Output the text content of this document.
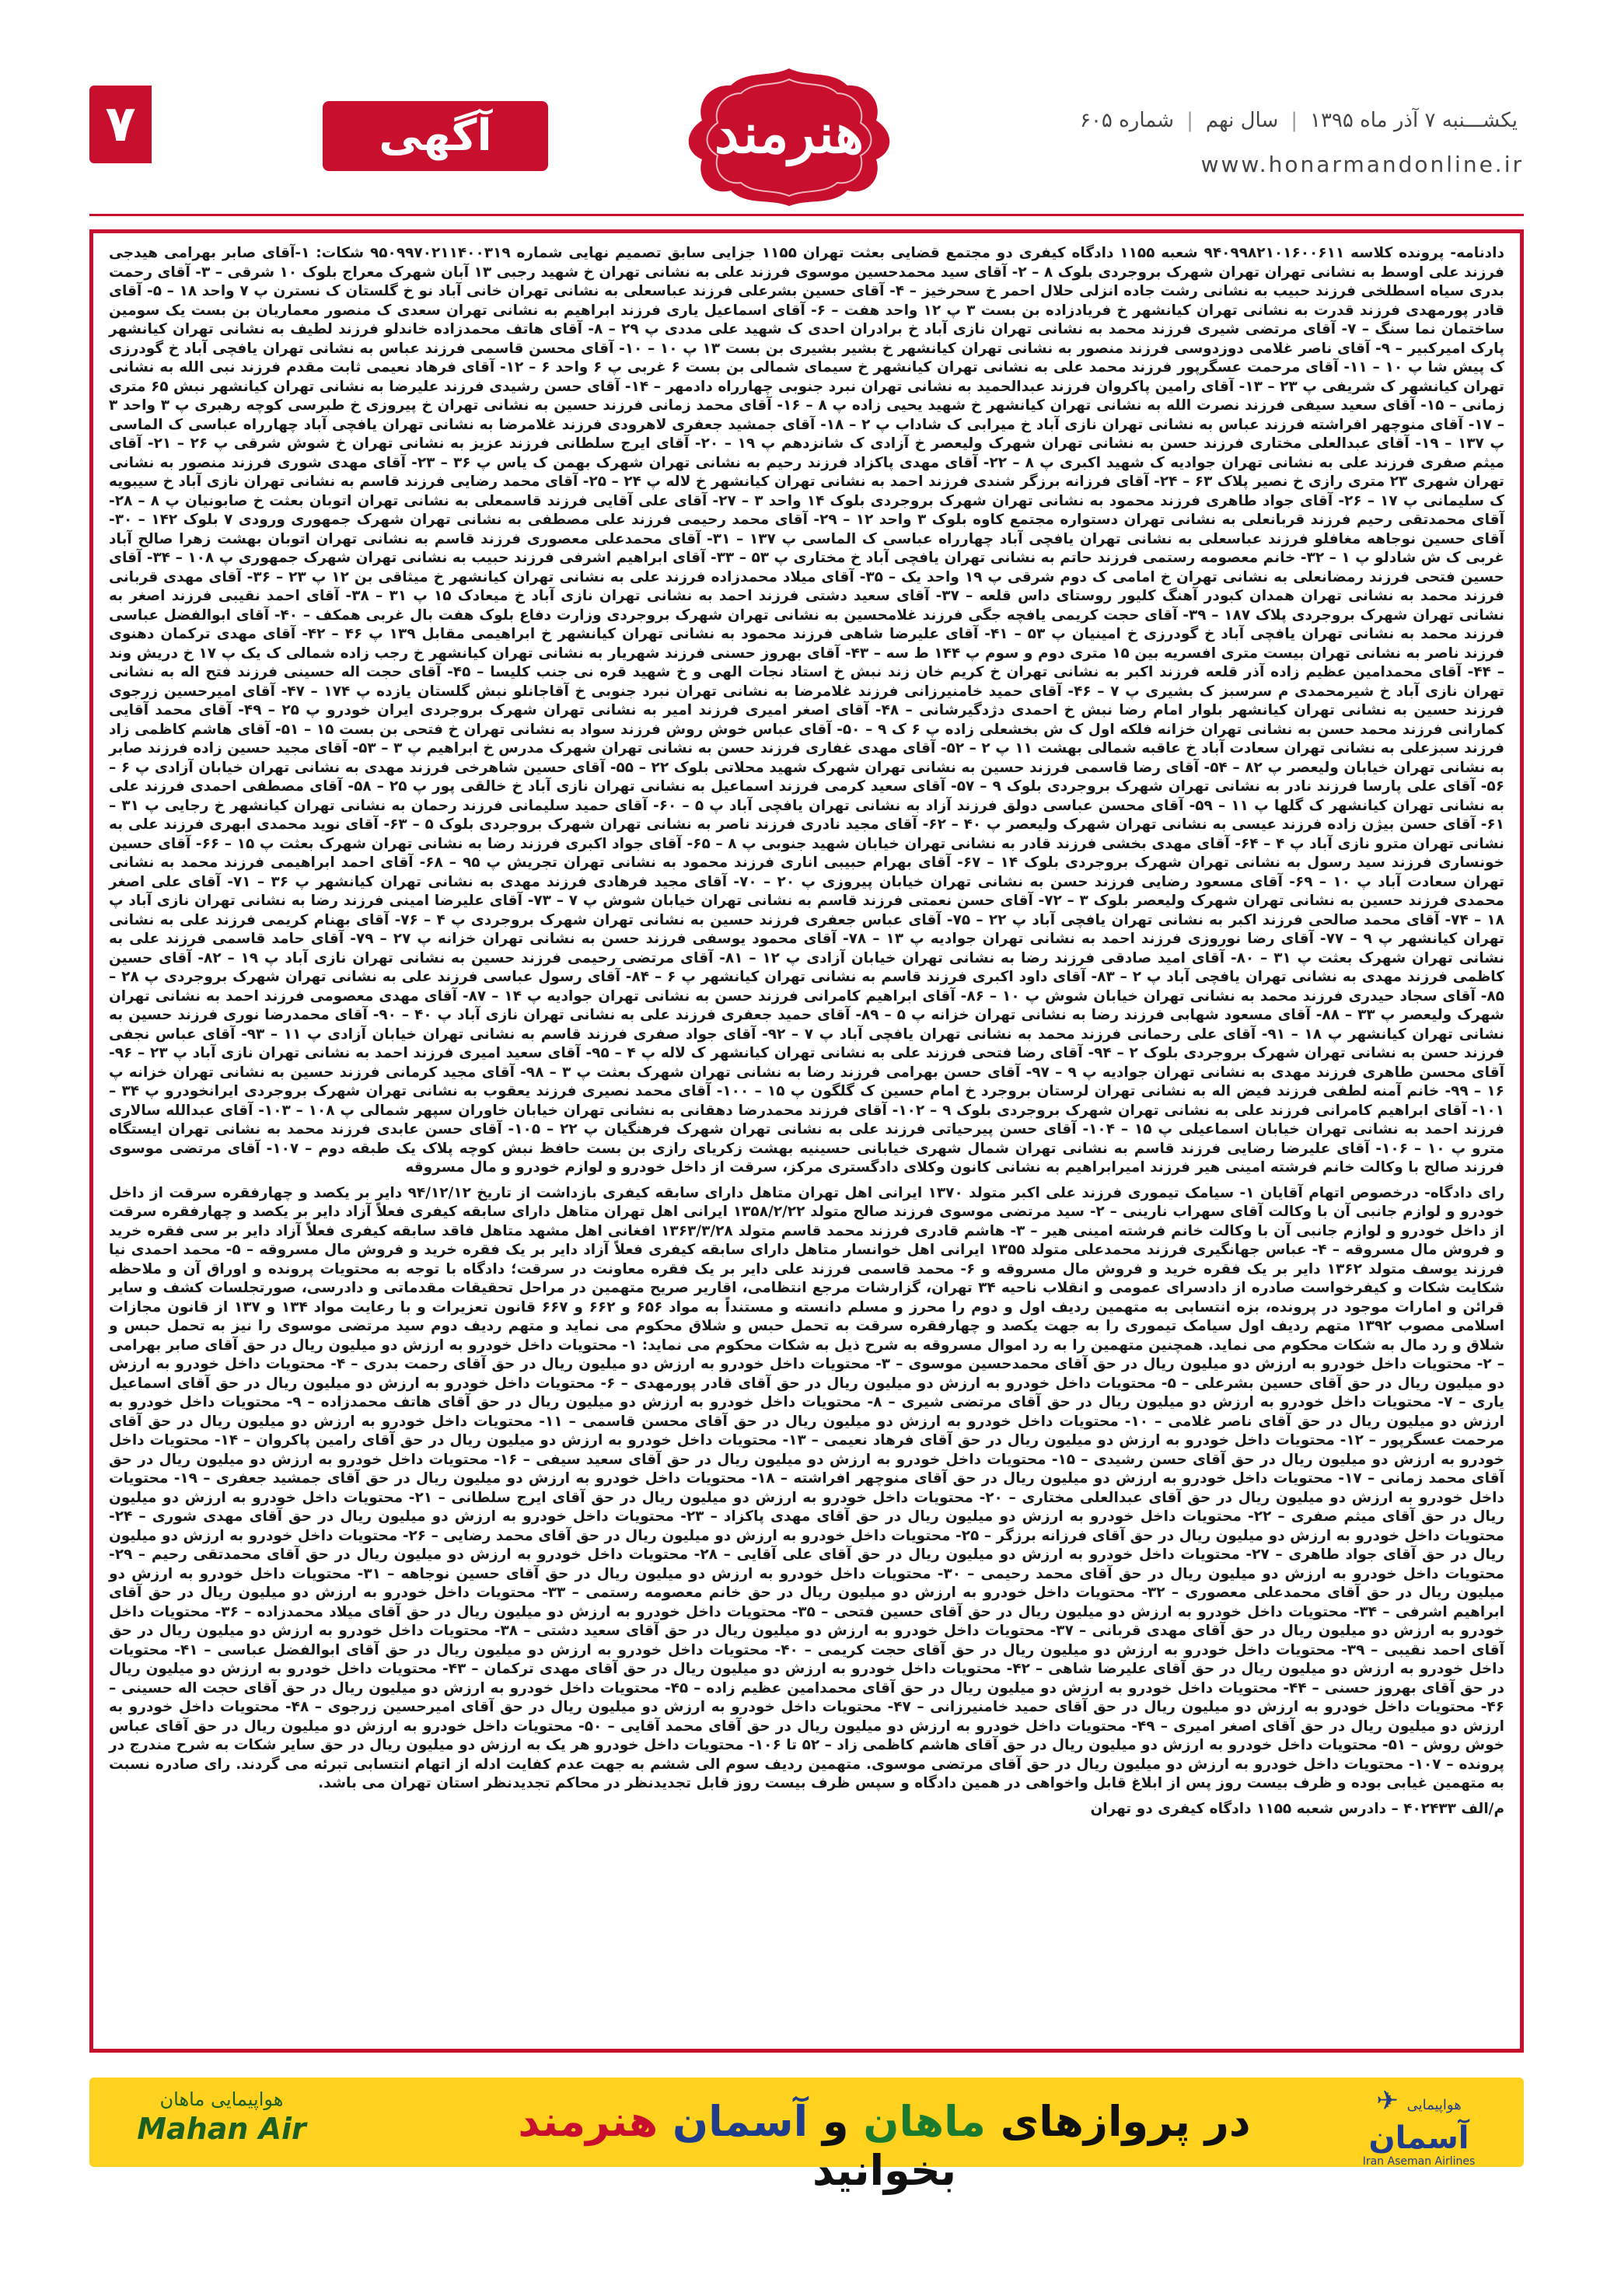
۷	آگهی	هنرمند	یکشـــنبه ۷ آذر ماه ۱۳۹۵|سال نهم|شماره ۶۰۵
www.honarmandonline.ir

دادنامه- پرونده کلاسه ۹۴۰۹۹۸۲۱۰۱۶۰۰۶۱۱ شعبه ۱۱۵۵ دادگاه کیفری دو مجتمع قضایی بعثت تهران ۱۱۵۵ جزایی سابق تصمیم نهایی شماره ۹۵۰۹۹۷۰۲۱۱۴۰۰۳۱۹ شکات: ۱-آقای صابر بهرامی هیدجی فرزند علی اوسط به نشانی تهران تهران شهرک بروجردی بلوک ۸ – ۲- آقای سید محمدحسین موسوی فرزند علی به نشانی تهران خ شهید رجبی ۱۳ آبان شهرک معراج بلوک ۱۰ شرقی – ۳- آقای رحمت بدری سیاه اسطلخی فرزند حبیب به نشانی رشت جاده انزلی حلال احمر خ سحرخیز – ۴- آقای حسین بشرعلی فرزند عباسعلی به نشانی تهران خانی آباد نو خ گلستان ک نسترن پ ۷ واحد ۱۸ – ۵- آقای قادر پورمهدی فرزند قدرت به نشانی تهران کیانشهر خ فریادزاده بن بست ۳ پ ۱۲ واحد هفت – ۶- آقای اسماعیل یاری فرزند ابراهیم به نشانی تهران سعدی ک منصور معماریان بن بست یک سومین ساختمان نما سنگ – ۷- آقای مرتضی شیری فرزند محمد به نشانی تهران نازی آباد خ برادران احدی ک شهید علی مددی پ ۲۹ – ۸- آقای هاتف محمدزاده خاندلو فرزند لطیف به نشانی تهران کیانشهر پارک امیرکبیر – ۹- آقای ناصر غلامی دوزدوسی فرزند منصور به نشانی تهران کیانشهر خ بشیر بشیری بن بست ۱۳ پ ۱۰ – ۱۰- آقای محسن قاسمی فرزند عباس به نشانی تهران یافچی آباد خ گودرزی ک پیش شا پ ۱۰ – ۱۱- آقای مرحمت عسگرپور فرزند محمد علی به نشانی تهران کیانشهر خ سیمای شمالی بن بست ۶ غربی پ ۶ واحد ۶ – ۱۲- آقای فرهاد نعیمی ثابت مقدم فرزند نبی الله به نشانی تهران کیانشهر ک شریفی پ ۲۳ – ۱۳- آقای رامین پاکروان فرزند عبدالحمید به نشانی تهران نبرد جنوبی چهارراه دادمهر – ۱۴- آقای حسن رشیدی فرزند علیرضا به نشانی تهران کیانشهر نبش ۶۵ متری زمانی – ۱۵- آقای سعید سیفی فرزند نصرت الله به نشانی تهران کیانشهر خ شهید یحیی ‌زاده پ ۸ – ۱۶- آقای محمد زمانی فرزند حسین به نشانی تهران خ پیروزی خ طبرسی کوچه رهبری پ ۳ واحد ۳ – ۱۷- آقای منوچهر افراشته فرزند عباس به نشانی تهران نازی آباد خ میرابی ک شاداب پ ۲ – ۱۸- آقای جمشید جعفری لاهرودی فرزند غلامرضا به نشانی تهران یافچی آباد چهارراه عباسی ک الماسی پ ۱۳۷ – ۱۹- آقای عبدالعلی مختاری فرزند حسن به نشانی تهران شهرک ولیعصر خ آزادی ک شانزدهم پ ۱۹ – ۲۰- آقای ایرج سلطانی فرزند عزیز به نشانی تهران خ شوش شرقی پ ۲۶ – ۲۱- آقای میثم صفری فرزند علی به نشانی تهران جوادیه ک شهید اکبری پ ۸ – ۲۲- آقای مهدی پاکزاد فرزند رحیم به نشانی تهران شهرک بهمن ک یاس پ ۳۶ – ۲۳- آقای مهدی شوری فرزند منصور به نشانی تهران شهری ۲۳ متری رازی خ نصیر پلاک ۶۳ – ۲۴- آقای فرزانه برزگر شندی فرزند احمد به نشانی تهران کیانشهر خ لاله پ ۲۴ – ۲۵- آقای محمد رضایی فرزند قاسم به نشانی تهران نازی آباد خ سیبویه ک سلیمانی پ ۱۷ – ۲۶- آقای جواد طاهری فرزند محمود به نشانی تهران شهرک بروجردی بلوک ۱۴ واحد ۳ – ۲۷- آقای علی آقایی فرزند قاسمعلی به نشانی تهران اتوبان بعثت خ صابونیان پ ۸ – ۲۸- آقای محمدتقی رحیم فرزند قربانعلی به نشانی تهران دستواره مجتمع کاوه بلوک ۳ واحد ۱۲ – ۲۹- آقای محمد رحیمی فرزند علی مصطفی به نشانی تهران شهرک جمهوری ورودی ۷ بلوک ۱۴۲ – ۳۰- آقای حسین نوجاهه مغافلو فرزند عباسعلی به نشانی تهران یافچی آباد چهارراه عباسی ک الماسی پ ۱۳۷ – ۳۱- آقای محمدعلی معصوری فرزند قاسم به نشانی تهران اتوبان بهشت زهرا صالح آباد غربی ک ش شادلو پ ۱ – ۳۲- خانم معصومه رستمی فرزند حاتم به نشانی تهران یافچی آباد خ مختاری پ ۵۳ – ۳۳- آقای ابراهیم اشرفی فرزند حبیب به نشانی تهران شهرک جمهوری پ ۱۰۸ – ۳۴- آقای حسین فتحی فرزند رمضانعلی به نشانی تهران خ امامی ک دوم شرقی پ ۱۹ واحد یک – ۳۵- آقای میلاد محمدزاده فرزند علی به نشانی تهران کیانشهر خ میثاقی بن ۱۲ پ ۲۳ – ۳۶- آقای مهدی قربانی فرزند محمد به نشانی تهران همدان کبودر آهنگ کلیور روستای داس قلعه – ۳۷- آقای سعید دشتی فرزند احمد به نشانی تهران نازی آباد خ میعادک ۱۵ پ ۳۱ – ۳۸- آقای احمد نقیبی فرزند اصغر به نشانی تهران شهرک بروجردی پلاک ۱۸۷ – ۳۹- آقای حجت کریمی یافچه جگی فرزند غلامحسین به نشانی تهران شهرک بروجردی وزارت دفاع بلوک هفت بال غربی همکف – ۴۰- آقای ابوالفضل عباسی فرزند محمد به نشانی تهران یافچی آباد خ گودرزی خ امینیان پ ۵۳ – ۴۱- آقای علیرضا شاهی فرزند محمود به نشانی تهران کیانشهر خ ابراهیمی مقابل ۱۳۹ پ ۴۶ – ۴۲- آقای مهدی ترکمان دهنوی فرزند ناصر به نشانی تهران بیست متری افسریه بین ۱۵ متری دوم و سوم پ ۱۴۴ ط سه – ۴۳- آقای بهروز حسنی فرزند شهریار به نشانی تهران کیانشهر خ رجب زاده شمالی ک یک پ ۱۷ خ دریش وند – ۴۴- آقای محمدامین عظیم زاده آذر قلعه فرزند اکبر به نشانی تهران خ کریم خان زند نبش خ استاد نجات الهی و خ شهید قره نی جنب کلیسا – ۴۵- آقای حجت اله حسینی فرزند فتح اله به نشانی تهران نازی آباد خ شیرمحمدی م سرسبز ک بشیری پ ۷ – ۴۶- آقای حمید خامنیرزانی فرزند غلامرضا به نشانی تهران نبرد جنوبی خ آقاجانلو نبش گلستان یازده پ ۱۷۴ – ۴۷- آقای امیرحسین زرجوی فرزند حسین به نشانی تهران کیانشهر بلوار امام رضا نبش خ احمدی دژدگیرشانی – ۴۸- آقای اصغر امیری فرزند امیر به نشانی تهران شهرک بروجردی ایران خودرو پ ۲۵ – ۴۹- آقای محمد آقایی کمارانی فرزند محمد حسن به نشانی تهران خزانه فلکه اول ک ش بخشعلی زاده پ ۶ ک ۹ – ۵۰- آقای عباس خوش روش فرزند سواد به نشانی تهران خ فتحی بن بست ۱۵ – ۵۱- آقای هاشم کاظمی زاد فرزند سبزعلی به نشانی تهران سعادت آباد خ عاقبه شمالی بهشت ۱۱ پ ۲ – ۵۲- آقای مهدی غفاری فرزند حسن به نشانی تهران شهرک مدرس خ ابراهیم پ ۳ – ۵۳- آقای مجید حسین‌ زاده فرزند صابر به نشانی تهران خیابان ولیعصر پ ۸۲ – ۵۴- آقای رضا قاسمی فرزند حسین به نشانی تهران شهرک شهید محلاتی بلوک ۲۲ – ۵۵- آقای حسین شاهرخی فرزند مهدی به نشانی تهران خیابان آزادی پ ۶ – ۵۶- آقای علی پارسا فرزند نادر به نشانی تهران شهرک بروجردی بلوک ۹ – ۵۷- آقای سعید کرمی فرزند اسماعیل به نشانی تهران نازی آباد خ خالقی پور پ ۲۵ – ۵۸- آقای مصطفی احمدی فرزند علی به نشانی تهران کیانشهر ک گلها پ ۱۱ – ۵۹- آقای محسن عباسی دولق فرزند آزاد به نشانی تهران یافچی آباد پ ۵ – ۶۰- آقای حمید سلیمانی فرزند رحمان به نشانی تهران کیانشهر خ رجایی پ ۳۱ – ۶۱- آقای حسن بیژن زاده فرزند عیسی به نشانی تهران شهرک ولیعصر پ ۴۰ – ۶۲- آقای مجید نادری فرزند ناصر به نشانی تهران شهرک بروجردی بلوک ۵ – ۶۳- آقای نوید محمدی ابهری فرزند علی به نشانی تهران مترو نازی آباد پ ۴ – ۶۴- آقای مهدی بخشی فرزند قادر به نشانی تهران خیابان شهید جنوبی پ ۸ – ۶۵- آقای جواد اکبری فرزند رضا به نشانی تهران شهرک بعثت پ ۱۵ – ۶۶- آقای حسین خونساری فرزند سید رسول به نشانی تهران شهرک بروجردی بلوک ۱۴ – ۶۷- آقای بهرام حبیبی اناری فرزند محمود به نشانی تهران تجریش پ ۹۵ – ۶۸- آقای احمد ابراهیمی فرزند محمد به نشانی تهران سعادت آباد پ ۱۰ – ۶۹- آقای مسعود رضایی فرزند حسن به نشانی تهران خیابان پیروزی پ ۲۰ – ۷۰- آقای مجید فرهادی فرزند مهدی به نشانی تهران کیانشهر پ ۳۶ – ۷۱- آقای علی اصغر محمدی فرزند حسین به نشانی تهران شهرک ولیعصر بلوک ۳ – ۷۲- آقای حسن نعمتی فرزند قاسم به نشانی تهران خیابان شوش پ ۷ – ۷۳- آقای علیرضا امینی فرزند رضا به نشانی تهران نازی آباد پ ۱۸ – ۷۴- آقای محمد صالحی فرزند اکبر به نشانی تهران یافچی آباد پ ۲۲ – ۷۵- آقای عباس جعفری فرزند حسین به نشانی تهران شهرک بروجردی پ ۴ – ۷۶- آقای بهنام کریمی فرزند علی به نشانی تهران کیانشهر پ ۹ – ۷۷- آقای رضا نوروزی فرزند احمد به نشانی تهران جوادیه پ ۱۳ – ۷۸- آقای محمود یوسفی فرزند حسن به نشانی تهران خزانه پ ۲۷ – ۷۹- آقای حامد قاسمی فرزند علی به نشانی تهران شهرک بعثت پ ۳۱ – ۸۰- آقای امید صادقی فرزند رضا به نشانی تهران خیابان آزادی پ ۱۲ – ۸۱- آقای مرتضی رحیمی فرزند حسین به نشانی تهران نازی آباد پ ۱۹ – ۸۲- آقای حسین کاظمی فرزند مهدی به نشانی تهران یافچی آباد پ ۲ – ۸۳- آقای داود اکبری فرزند قاسم به نشانی تهران کیانشهر پ ۶ – ۸۴- آقای رسول عباسی فرزند علی به نشانی تهران شهرک بروجردی پ ۲۸ – ۸۵- آقای سجاد حیدری فرزند محمد به نشانی تهران خیابان شوش پ ۱۰ – ۸۶- آقای ابراهیم کامرانی فرزند حسن به نشانی تهران جوادیه پ ۱۴ – ۸۷- آقای مهدی معصومی فرزند احمد به نشانی تهران شهرک ولیعصر پ ۳۳ – ۸۸- آقای مسعود شهابی فرزند رضا به نشانی تهران خزانه پ ۵ – ۸۹- آقای حمید جعفری فرزند علی به نشانی تهران نازی آباد پ ۴۰ – ۹۰- آقای محمدرضا نوری فرزند حسین به نشانی تهران کیانشهر پ ۱۸ – ۹۱- آقای علی رحمانی فرزند محمد به نشانی تهران یافچی آباد پ ۷ – ۹۲- آقای جواد صفری فرزند قاسم به نشانی تهران خیابان آزادی پ ۱۱ – ۹۳- آقای عباس نجفی فرزند حسن به نشانی تهران شهرک بروجردی بلوک ۲ – ۹۴- آقای رضا فتحی فرزند علی به نشانی تهران کیانشهر ک لاله پ ۴ – ۹۵- آقای سعید امیری فرزند احمد به نشانی تهران نازی آباد پ ۲۳ – ۹۶- آقای محسن طاهری فرزند مهدی به نشانی تهران جوادیه پ ۹ – ۹۷- آقای حسن بهرامی فرزند رضا به نشانی تهران شهرک بعثت پ ۳ – ۹۸- آقای مجید کرمانی فرزند حسین به نشانی تهران خزانه پ ۱۶ – ۹۹- خانم آمنه لطفی فرزند فیض اله به نشانی تهران لرستان بروجرد خ امام حسین ک گلگون پ ۱۵ – ۱۰۰- آقای محمد نصیری فرزند یعقوب به نشانی تهران شهرک بروجردی ایرانخودرو پ ۳۴ – ۱۰۱- آقای ابراهیم کامرانی فرزند علی به نشانی تهران شهرک بروجردی بلوک ۹ – ۱۰۲- آقای فرزند محمدرضا دهقانی به نشانی تهران خیابان خاوران سپهر شمالی پ ۱۰۸ – ۱۰۳- آقای عبدالله سالاری فرزند احمد به نشانی تهران خیابان اسماعیلی پ ۱۵ – ۱۰۴- آقای حسن پیرحیاتی فرزند علی به نشانی تهران شهرک فرهنگیان پ ۲۲ – ۱۰۵- آقای حسن عابدی فرزند محمد به نشانی تهران ایستگاه مترو پ ۱۰ – ۱۰۶- آقای علیرضا رضایی فرزند قاسم به نشانی تهران شمال شهری خیابانی حسینیه بهشت زکریای رازی بن بست حافظ نبش کوچه پلاک یک طبقه دوم – ۱۰۷- آقای مرتضی موسوی فرزند صالح با وکالت خانم فرشته امینی هیر فرزند امیرابراهیم به نشانی کانون وکلای دادگستری مرکز، سرقت از داخل خودرو و لوازم خودرو و مال مسروقه

رای دادگاه- درخصوص اتهام آقایان ۱- سیامک تیموری فرزند علی اکبر متولد ۱۳۷۰ ایرانی اهل تهران متاهل دارای سابقه کیفری بازداشت از تاریخ ۹۴/۱۲/۱۲ دایر بر یکصد و چهارفقره سرقت از داخل خودرو و لوازم جانبی آن با وکالت آقای سهراب نارینی – ۲- سید مرتضی موسوی فرزند صالح متولد ۱۳۵۸/۲/۲۲ ایرانی اهل تهران متاهل دارای سابقه کیفری فعلاً آزاد دایر بر یکصد و چهارفقره سرقت از داخل خودرو و لوازم جانبی آن با وکالت خانم فرشته امینی هیر – ۳- هاشم قادری فرزند محمد قاسم متولد ۱۳۶۳/۳/۲۸ افغانی اهل مشهد متاهل فاقد سابقه کیفری فعلاً آزاد دایر بر سی فقره خرید و فروش مال مسروقه – ۴- عباس جهانگیری فرزند محمدعلی متولد ۱۳۵۵ ایرانی اهل خوانسار متاهل دارای سابقه کیفری فعلاً آزاد دایر بر یک فقره خرید و فروش مال مسروقه – ۵- محمد احمدی نیا فرزند یوسف متولد ۱۳۶۲ دایر بر یک فقره خرید و فروش مال مسروقه و ۶- محمد قاسمی فرزند علی دایر بر یک فقره معاونت در سرقت؛ دادگاه با توجه به محتویات پرونده و اوراق آن و ملاحظه شکایت شکات و کیفرخواست صادره از دادسرای عمومی و انقلاب ناحیه ۳۴ تهران، گزارشات مرجع انتظامی، اقاریر صریح متهمین در مراحل تحقیقات مقدماتی و دادرسی، صورتجلسات کشف و سایر قرائن و امارات موجود در پرونده، بزه انتسابی به متهمین ردیف اول و دوم را محرز و مسلم دانسته و مستنداً به مواد ۶۵۶ و ۶۶۲ و ۶۶۷ قانون تعزیرات و با رعایت مواد ۱۳۴ و ۱۳۷ از قانون مجازات اسلامی مصوب ۱۳۹۲ متهم ردیف اول سیامک تیموری را به جهت یکصد و چهارفقره سرقت به تحمل حبس و شلاق محکوم می نماید و متهم ردیف دوم سید مرتضی موسوی را نیز به تحمل حبس و شلاق و رد مال به شکات محکوم می نماید. همچنین متهمین را به رد اموال مسروقه به شرح ذیل به شکات محکوم می نماید: ۱- محتویات داخل خودرو به ارزش دو میلیون ریال در حق آقای صابر بهرامی – ۲- محتویات داخل خودرو به ارزش دو میلیون ریال در حق آقای محمدحسین موسوی – ۳- محتویات داخل خودرو به ارزش دو میلیون ریال در حق آقای رحمت بدری – ۴- محتویات داخل خودرو به ارزش دو میلیون ریال در حق آقای حسین بشرعلی – ۵- محتویات داخل خودرو به ارزش دو میلیون ریال در حق آقای قادر پورمهدی – ۶- محتویات داخل خودرو به ارزش دو میلیون ریال در حق آقای اسماعیل یاری – ۷- محتویات داخل خودرو به ارزش دو میلیون ریال در حق آقای مرتضی شیری – ۸- محتویات داخل خودرو به ارزش دو میلیون ریال در حق آقای هاتف محمدزاده – ۹- محتویات داخل خودرو به ارزش دو میلیون ریال در حق آقای ناصر غلامی – ۱۰- محتویات داخل خودرو به ارزش دو میلیون ریال در حق آقای محسن قاسمی – ۱۱- محتویات داخل خودرو به ارزش دو میلیون ریال در حق آقای مرحمت عسگرپور – ۱۲- محتویات داخل خودرو به ارزش دو میلیون ریال در حق آقای فرهاد نعیمی – ۱۳- محتویات داخل خودرو به ارزش دو میلیون ریال در حق آقای رامین پاکروان – ۱۴- محتویات داخل خودرو به ارزش دو میلیون ریال در حق آقای حسن رشیدی – ۱۵- محتویات داخل خودرو به ارزش دو میلیون ریال در حق آقای سعید سیفی – ۱۶- محتویات داخل خودرو به ارزش دو میلیون ریال در حق آقای محمد زمانی – ۱۷- محتویات داخل خودرو به ارزش دو میلیون ریال در حق آقای منوچهر افراشته – ۱۸- محتویات داخل خودرو به ارزش دو میلیون ریال در حق آقای جمشید جعفری – ۱۹- محتویات داخل خودرو به ارزش دو میلیون ریال در حق آقای عبدالعلی مختاری – ۲۰- محتویات داخل خودرو به ارزش دو میلیون ریال در حق آقای ایرج سلطانی – ۲۱- محتویات داخل خودرو به ارزش دو میلیون ریال در حق آقای میثم صفری – ۲۲- محتویات داخل خودرو به ارزش دو میلیون ریال در حق آقای مهدی پاکزاد – ۲۳- محتویات داخل خودرو به ارزش دو میلیون ریال در حق آقای مهدی شوری – ۲۴- محتویات داخل خودرو به ارزش دو میلیون ریال در حق آقای فرزانه برزگر – ۲۵- محتویات داخل خودرو به ارزش دو میلیون ریال در حق آقای محمد رضایی – ۲۶- محتویات داخل خودرو به ارزش دو میلیون ریال در حق آقای جواد طاهری – ۲۷- محتویات داخل خودرو به ارزش دو میلیون ریال در حق آقای علی آقایی – ۲۸- محتویات داخل خودرو به ارزش دو میلیون ریال در حق آقای محمدتقی رحیم – ۲۹- محتویات داخل خودرو به ارزش دو میلیون ریال در حق آقای محمد رحیمی – ۳۰- محتویات داخل خودرو به ارزش دو میلیون ریال در حق آقای حسین نوجاهه – ۳۱- محتویات داخل خودرو به ارزش دو میلیون ریال در حق آقای محمدعلی معصوری – ۳۲- محتویات داخل خودرو به ارزش دو میلیون ریال در حق خانم معصومه رستمی – ۳۳- محتویات داخل خودرو به ارزش دو میلیون ریال در حق آقای ابراهیم اشرفی – ۳۴- محتویات داخل خودرو به ارزش دو میلیون ریال در حق آقای حسین فتحی – ۳۵- محتویات داخل خودرو به ارزش دو میلیون ریال در حق آقای میلاد محمدزاده – ۳۶- محتویات داخل خودرو به ارزش دو میلیون ریال در حق آقای مهدی قربانی – ۳۷- محتویات داخل خودرو به ارزش دو میلیون ریال در حق آقای سعید دشتی – ۳۸- محتویات داخل خودرو به ارزش دو میلیون ریال در حق آقای احمد نقیبی – ۳۹- محتویات داخل خودرو به ارزش دو میلیون ریال در حق آقای حجت کریمی – ۴۰- محتویات داخل خودرو به ارزش دو میلیون ریال در حق آقای ابوالفضل عباسی – ۴۱- محتویات داخل خودرو به ارزش دو میلیون ریال در حق آقای علیرضا شاهی – ۴۲- محتویات داخل خودرو به ارزش دو میلیون ریال در حق آقای مهدی ترکمان – ۴۳- محتویات داخل خودرو به ارزش دو میلیون ریال در حق آقای بهروز حسنی – ۴۴- محتویات داخل خودرو به ارزش دو میلیون ریال در حق آقای محمدامین عظیم زاده – ۴۵- محتویات داخل خودرو به ارزش دو میلیون ریال در حق آقای حجت اله حسینی – ۴۶- محتویات داخل خودرو به ارزش دو میلیون ریال در حق آقای حمید خامنیرزانی – ۴۷- محتویات داخل خودرو به ارزش دو میلیون ریال در حق آقای امیرحسین زرجوی – ۴۸- محتویات داخل خودرو به ارزش دو میلیون ریال در حق آقای اصغر امیری – ۴۹- محتویات داخل خودرو به ارزش دو میلیون ریال در حق آقای محمد آقایی – ۵۰- محتویات داخل خودرو به ارزش دو میلیون ریال در حق آقای عباس خوش روش – ۵۱- محتویات داخل خودرو به ارزش دو میلیون ریال در حق آقای هاشم کاظمی زاد – ۵۲ تا ۱۰۶- محتویات داخل خودرو هر یک به ارزش دو میلیون ریال در حق سایر شکات به شرح مندرج در پرونده – ۱۰۷- محتویات داخل خودرو به ارزش دو میلیون ریال در حق آقای مرتضی موسوی. متهمین ردیف سوم الی ششم به جهت عدم کفایت ادله از اتهام انتسابی تبرئه می گردند. رای صادره نسبت به متهمین غیابی بوده و ظرف بیست روز پس از ابلاغ قابل واخواهی در همین دادگاه و سپس ظرف بیست روز قابل تجدیدنظر در محاکم تجدیدنظر استان تهران می باشد.

م/الف ۴۰۲۴۳۳ – دادرس شعبه ۱۱۵۵ دادگاه کیفری دو تهران

✈ هواپیمایی
آسمان
Iran Aseman Airlines
در پروازهای ماهان و آسمان هنرمند بخوانید
هواپیمایی ماهان
Mahan Air
